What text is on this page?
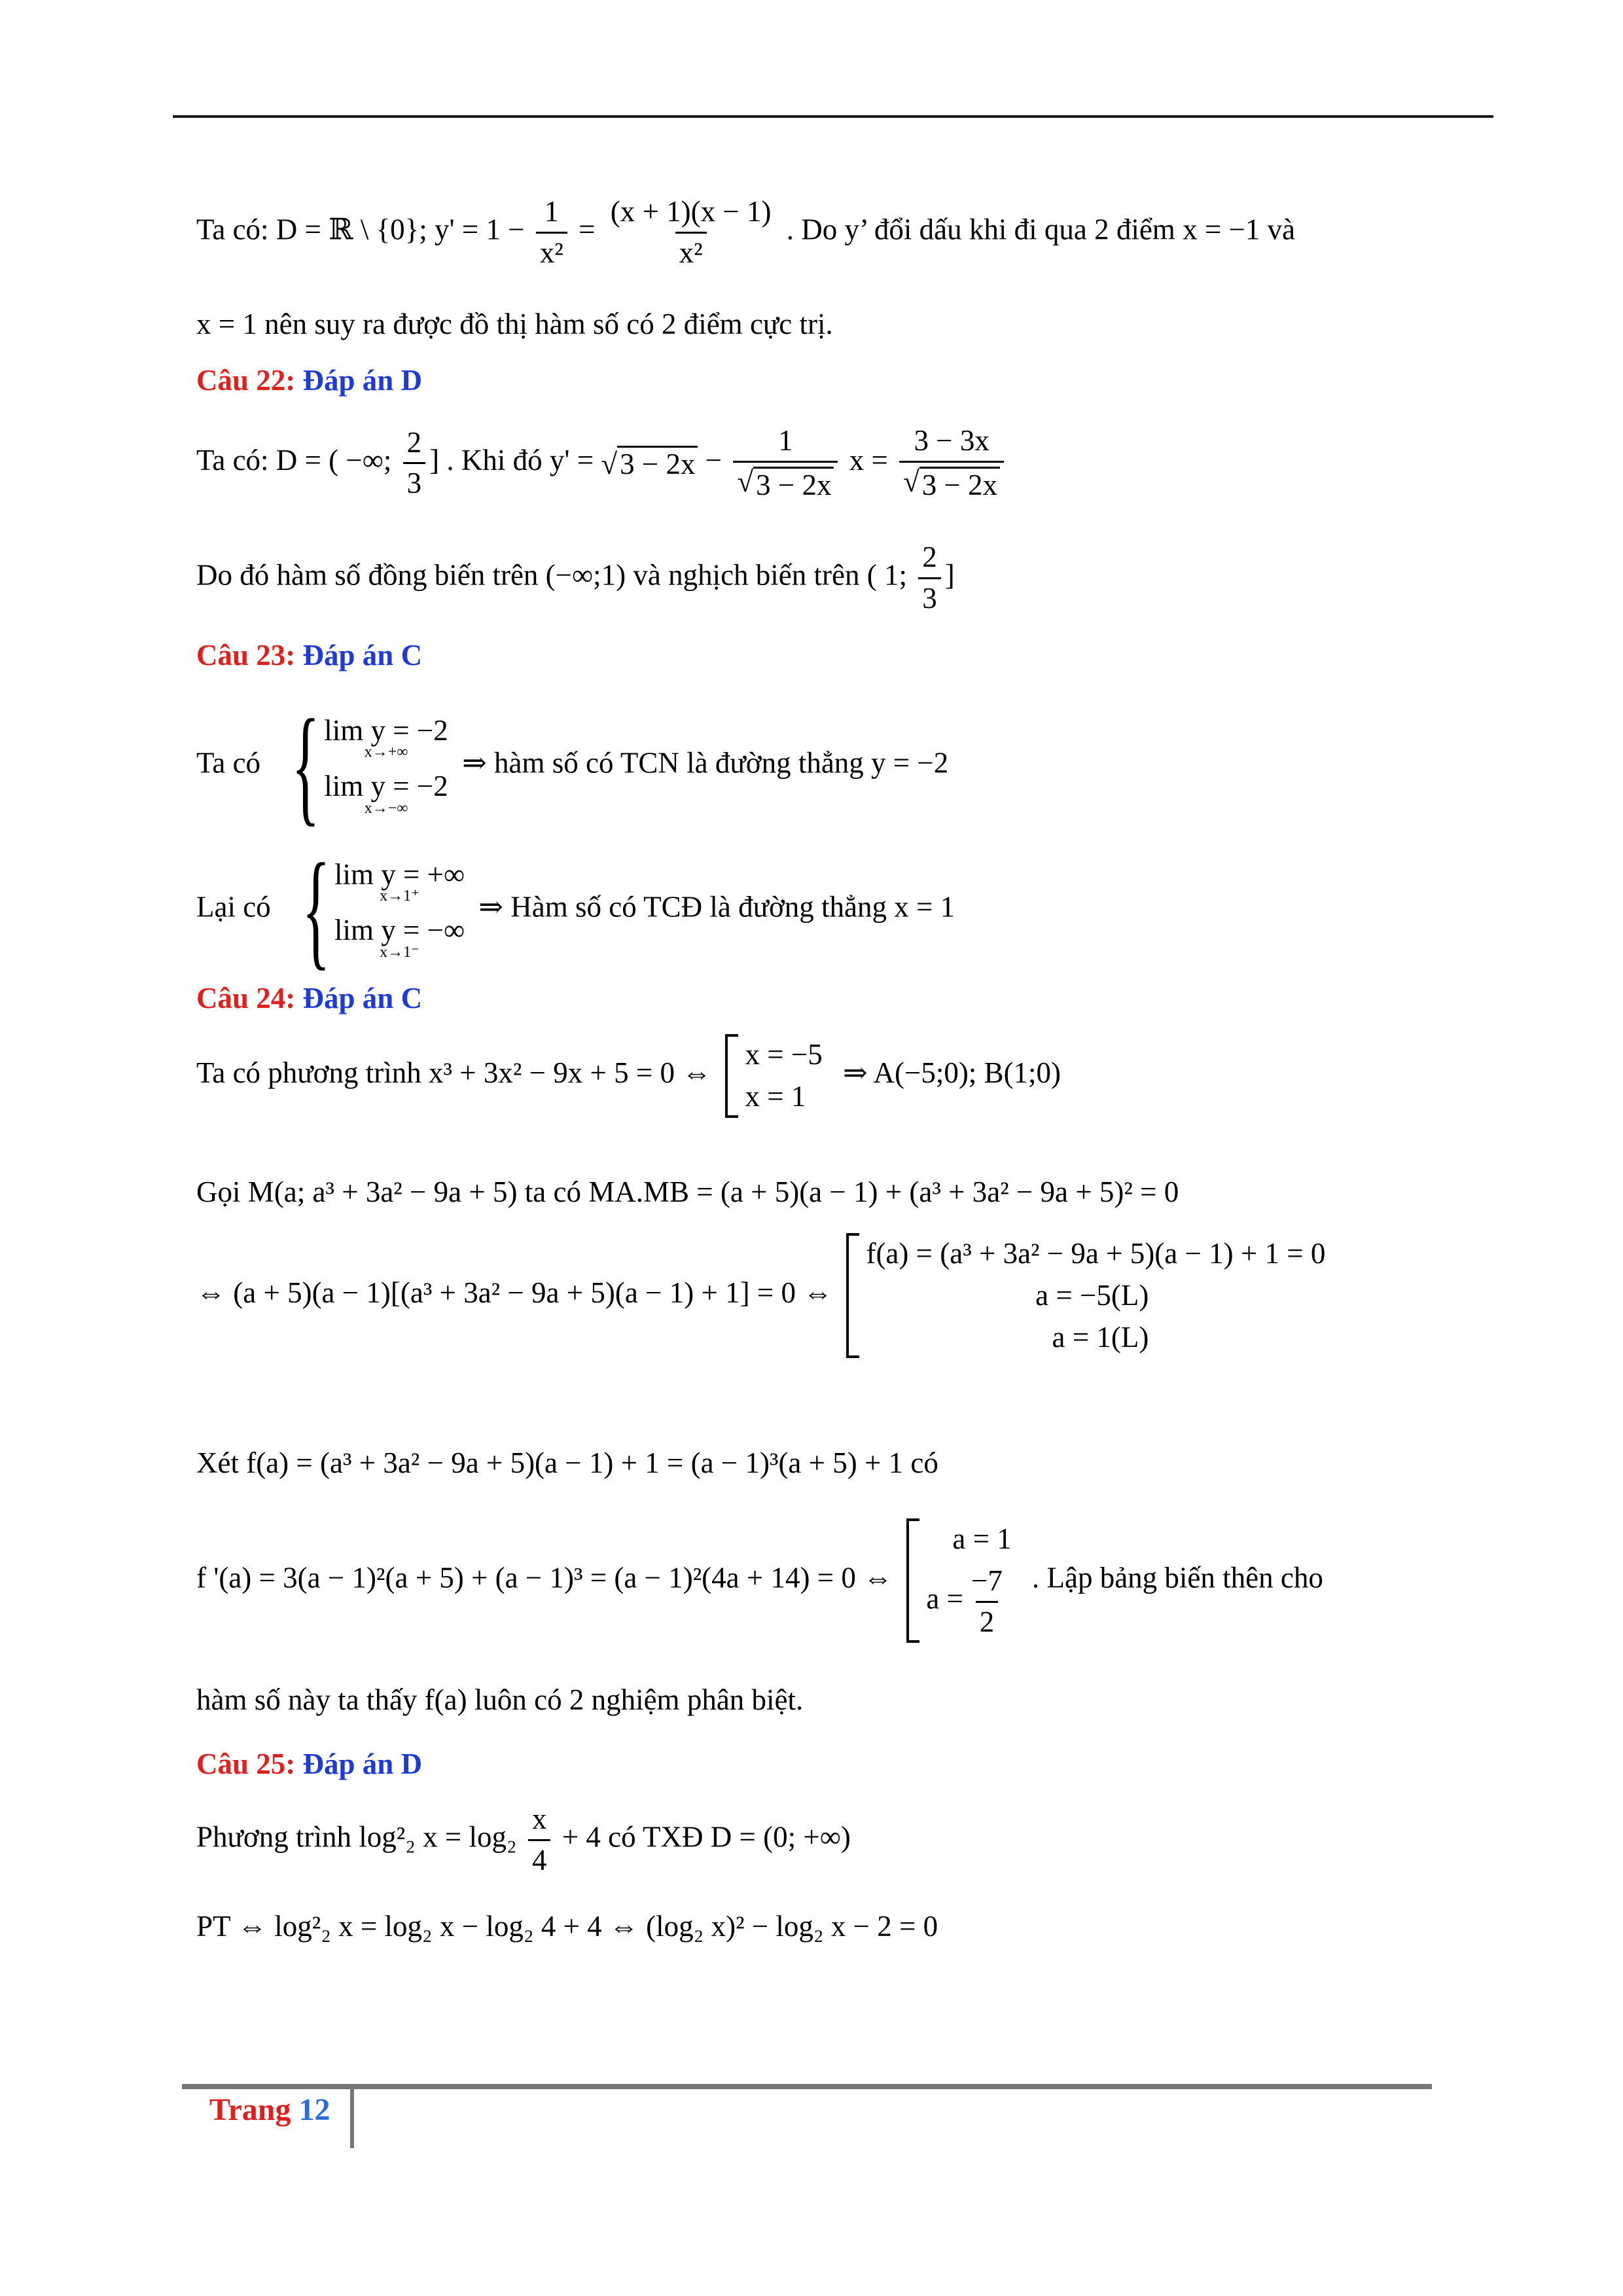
Ta có: D = ℝ \ {0}; $y' = 1 - \frac{1}{\text{x²}} = \frac{(x + 1)(x - 1)}{\text{x²}}$ . Do y’ đổi dấu khi đi qua 2 điểm x = −1 và
x = 1 nên suy ra được đồ thị hàm số có 2 điểm cực trị.
Câu 22: Đáp án D
Ta có: D = ( −∞; $\frac{2}{3}$ ] . Khi đó $y' = √3 - 2x - \frac{1}{√3 - 2x}$ $x = \frac{3 - 3x}{√3 - 2x}$
Do đó hàm số đồng biến trên (−∞;1) và nghịch biến trên ( 1; $\frac{2}{3}$ ]
Câu 23: Đáp án C
Ta có { lim y = −2
x→+∞
lim y = −2
x→−∞
⇒ hàm số có TCN là đường thẳng y = −2
Lại có { lim y = +∞
x→1⁺
lim y = −∞
x→1⁻
⇒ Hàm số có TCĐ là đường thẳng x = 1
Câu 24: Đáp án C
Ta có phương trình x³ + 3x² − 9x + 5 = 0 ⇔
x = −5
x = 1
⇒ A(−5;0); B(1;0)
Gọi M(a; a³ + 3a² − 9a + 5) ta có MA.MB = (a + 5)(a − 1) + (a³ + 3a² − 9a + 5)² = 0
⇔ (a + 5)(a − 1)[(a³ + 3a² − 9a + 5)(a − 1) + 1] = 0 ⇔
f(a) = (a³ + 3a² − 9a + 5)(a − 1) + 1 = 0
a = −5(L)
a = 1(L)
Xét f(a) = (a³ + 3a² − 9a + 5)(a − 1) + 1 = (a − 1)³(a + 5) + 1 có
f '(a) = 3(a − 1)²(a + 5) + (a − 1)³ = (a − 1)²(4a + 14) = 0 ⇔
a = 1
$a = \frac{-7}{2}$ . Lập bảng biến thên cho
hàm số này ta thấy f(a) luôn có 2 nghiệm phân biệt.
Câu 25: Đáp án D
Phương trình log²₂ $x = \log_2 \frac{x}{4} + 4$ có TXĐ D = (0; +∞)
PT ⇔ log²₂ x = log₂ x − log₂ 4 + 4 ⇔ (log₂ x)² − log₂ x − 2 = 0
Trang 12
